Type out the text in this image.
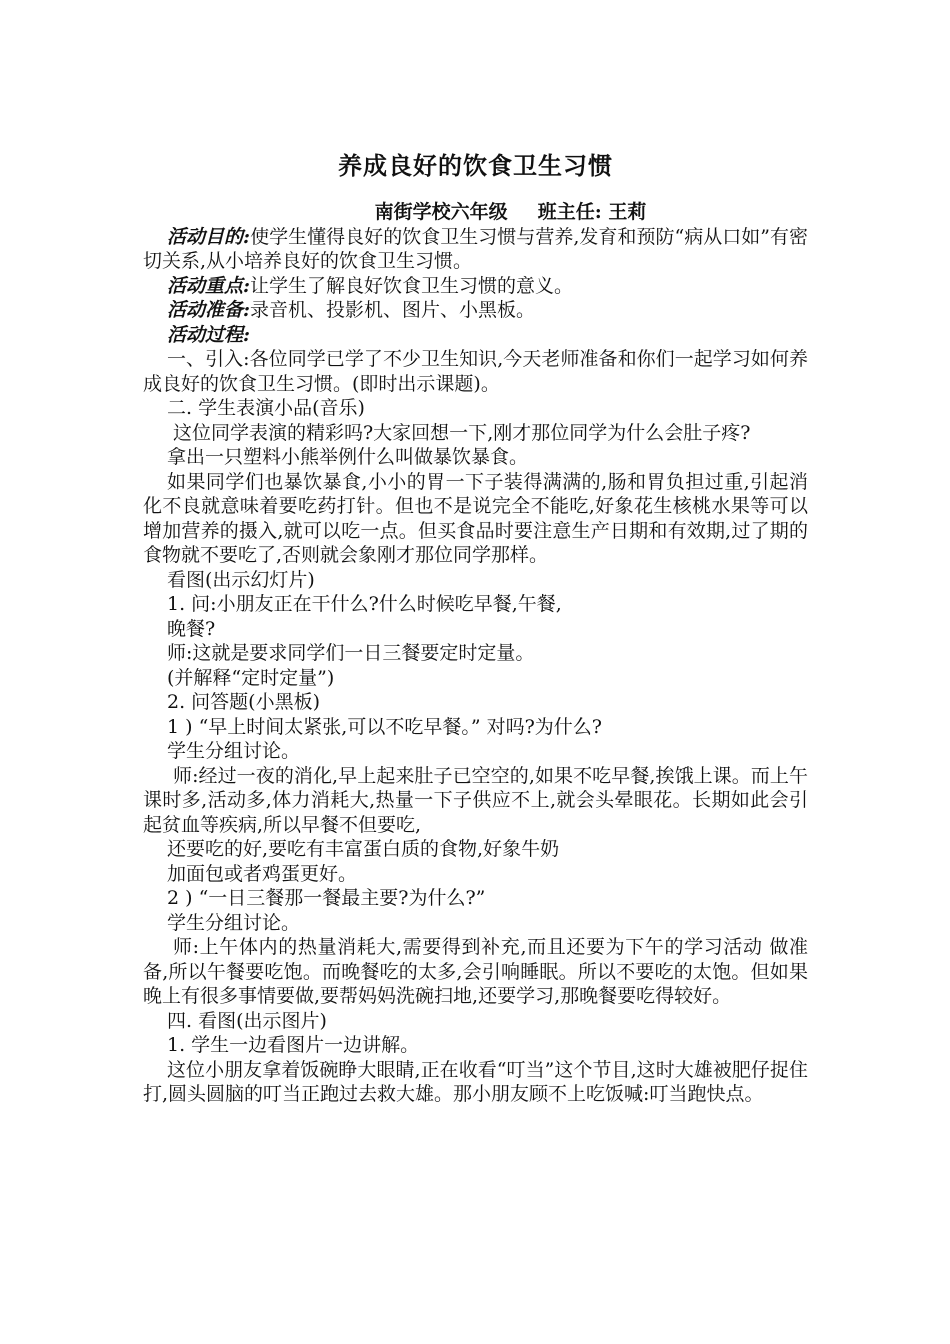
养成良好的饮食卫生习惯
南街学校六年级 班主任: 王莉

活动目的:使学生懂得良好的饮食卫生习惯与营养,发育和预防“病从口如”有密切关系,从小培养良好的饮食卫生习惯。

活动重点:让学生了解良好饮食卫生习惯的意义。

活动准备:录音机、投影机、图片、小黑板。

活动过程:

一、引入:各位同学已学了不少卫生知识,今天老师准备和你们一起学习如何养成良好的饮食卫生习惯。(即时出示课题)。

二. 学生表演小品(音乐)

这位同学表演的精彩吗?大家回想一下,刚才那位同学为什么会肚子疼?

拿出一只塑料小熊举例什么叫做暴饮暴食。

如果同学们也暴饮暴食,小小的胃一下子装得满满的,肠和胃负担过重,引起消化不良就意味着要吃药打针。但也不是说完全不能吃,好象花生核桃水果等可以增加营养的摄入,就可以吃一点。但买食品时要注意生产日期和有效期,过了期的食物就不要吃了,否则就会象刚才那位同学那样。

看图(出示幻灯片)

1. 问:小朋友正在干什么?什么时候吃早餐,午餐,

晚餐?

师:这就是要求同学们一日三餐要定时定量。

(并解释“定时定量”)

2. 问答题(小黑板)

1 ) “早上时间太紧张,可以不吃早餐。” 对吗?为什么?

学生分组讨论。

师:经过一夜的消化,早上起来肚子已空空的,如果不吃早餐,挨饿上课。而上午课时多,活动多,体力消耗大,热量一下子供应不上,就会头晕眼花。长期如此会引起贫血等疾病,所以早餐不但要吃,

还要吃的好,要吃有丰富蛋白质的食物,好象牛奶

加面包或者鸡蛋更好。

2 ) “一日三餐那一餐最主要?为什么?”

学生分组讨论。

师:上午体内的热量消耗大,需要得到补充,而且还要为下午的学习活动 做准备,所以午餐要吃饱。而晚餐吃的太多,会引响睡眠。所以不要吃的太饱。但如果晚上有很多事情要做,要帮妈妈洗碗扫地,还要学习,那晚餐要吃得较好。

四. 看图(出示图片)

1. 学生一边看图片一边讲解。

这位小朋友拿着饭碗睁大眼睛,正在收看“叮当”这个节目,这时大雄被肥仔捉住打,圆头圆脑的叮当正跑过去救大雄。那小朋友顾不上吃饭喊:叮当跑快点。
